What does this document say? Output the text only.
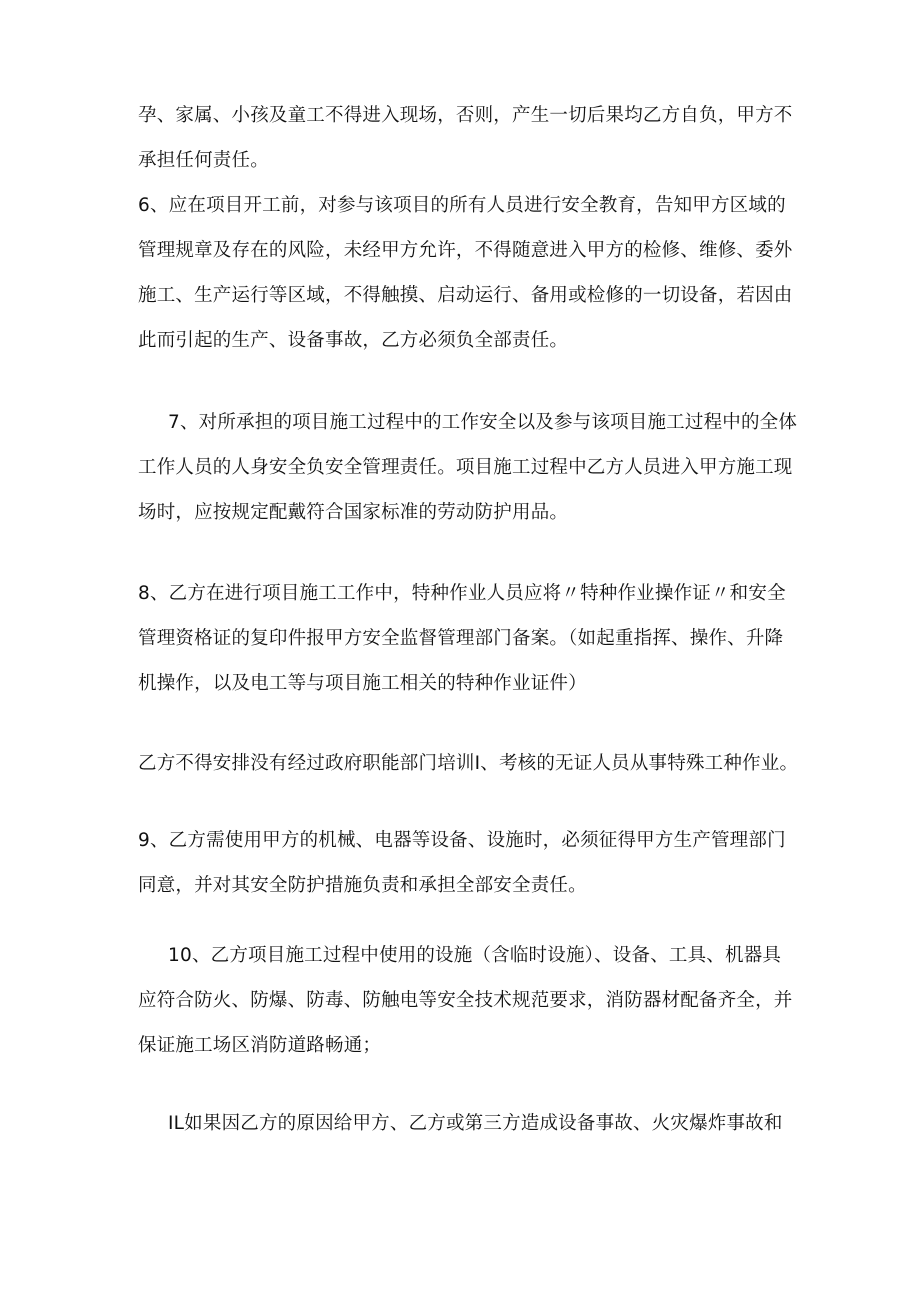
孕、家属、小孩及童工不得进入现场，否则，产生一切后果均乙方自负，甲方不
承担任何责任。
6、应在项目开工前，对参与该项目的所有人员进行安全教育，告知甲方区域的
管理规章及存在的风险，未经甲方允许，不得随意进入甲方的检修、维修、委外
施工、生产运行等区域，不得触摸、启动运行、备用或检修的一切设备，若因由
此而引起的生产、设备事故，乙方必须负全部责任。
7、对所承担的项目施工过程中的工作安全以及参与该项目施工过程中的全体
工作人员的人身安全负安全管理责任。项目施工过程中乙方人员进入甲方施工现
场时，应按规定配戴符合国家标准的劳动防护用品。
8、乙方在进行项目施工工作中，特种作业人员应将〃特种作业操作证〃和安全
管理资格证的复印件报甲方安全监督管理部门备案。（如起重指挥、操作、升降
机操作，以及电工等与项目施工相关的特种作业证件）
乙方不得安排没有经过政府职能部门培训I、考核的无证人员从事特殊工种作业。
9、乙方需使用甲方的机械、电器等设备、设施时，必须征得甲方生产管理部门
同意，并对其安全防护措施负责和承担全部安全责任。
10、乙方项目施工过程中使用的设施（含临时设施）、设备、工具、机器具
应符合防火、防爆、防毒、防触电等安全技术规范要求，消防器材配备齐全，并
保证施工场区消防道路畅通；
IL如果因乙方的原因给甲方、乙方或第三方造成设备事故、火灾爆炸事故和
